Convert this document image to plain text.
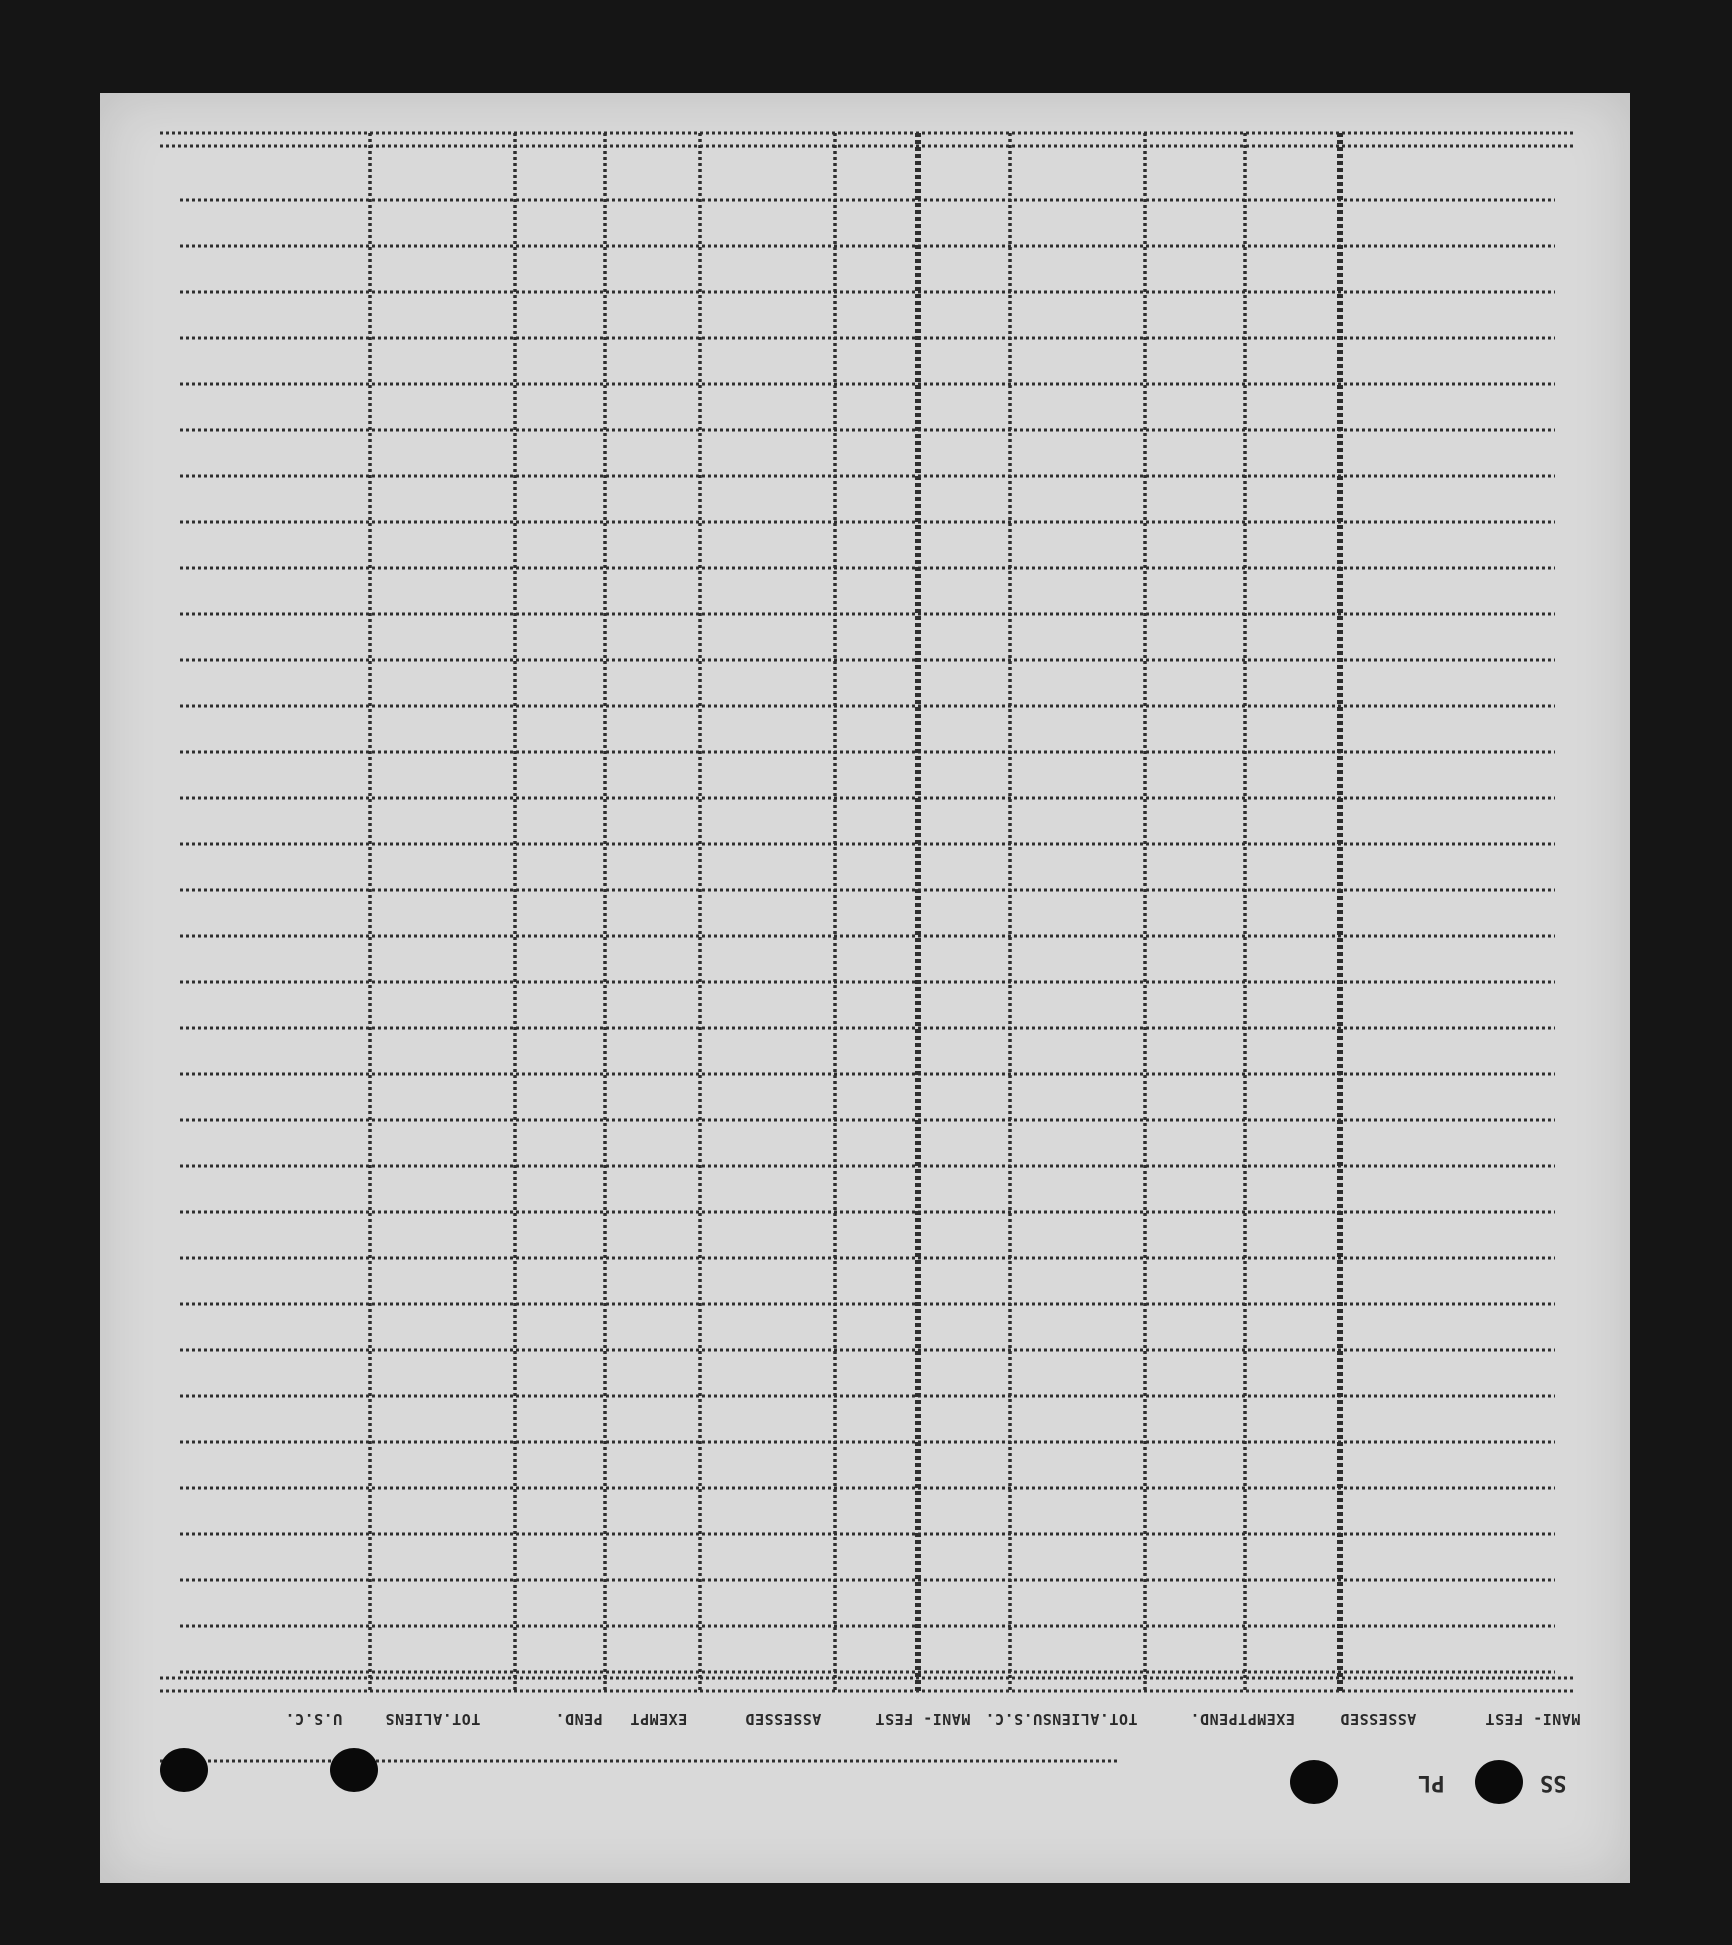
MANI- FEST
ASSESSED
EXEMPTPEND.
TOT.ALIENSU.S.C.
MANI- FEST
ASSESSED
EXEMPT
PEND.
TOT.ALIENS
U.S.C.
SS
PL
